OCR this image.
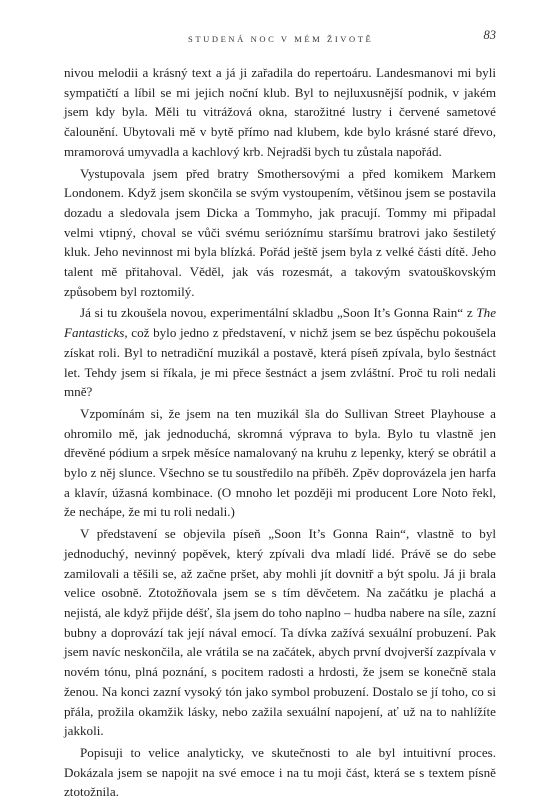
STUDENÁ NOC V MÉM ŽIVOTĚ	83

nivou melodii a krásný text a já ji zařadila do repertoáru. Landesmanovi mi byli sympatičtí a líbil se mi jejich noční klub. Byl to nejluxusnější podnik, v jakém jsem kdy byla. Měli tu vitrážová okna, starožitné lustry i červené sametové čalounění. Ubytovali mě v bytě přímo nad klubem, kde bylo krásné staré dřevo, mramorová umyvadla a kachlový krb. Nejradši bych tu zůstala napořád.

Vystupovala jsem před bratry Smothersovými a před komikem Markem Londonem. Když jsem skončila se svým vystoupením, většinou jsem se postavila dozadu a sledovala jsem Dicka a Tommyho, jak pracují. Tommy mi připadal velmi vtipný, choval se vůči svému serióznímu staršímu bratrovi jako šestiletý kluk. Jeho nevinnost mi byla blízká. Pořád ještě jsem byla z velké části dítě. Jeho talent mě přitahoval. Věděl, jak vás rozesmát, a takovým svatouškovským způsobem byl roztomilý.

Já si tu zkoušela novou, experimentální skladbu „Soon It’s Gonna Rain“ z The Fantasticks, což bylo jedno z představení, v nichž jsem se bez úspěchu pokoušela získat roli. Byl to netradiční muzikál a postavě, která píseň zpívala, bylo šestnáct let. Tehdy jsem si říkala, je mi přece šestnáct a jsem zvláštní. Proč tu roli nedali mně?

Vzpomínám si, že jsem na ten muzikál šla do Sullivan Street Playhouse a ohromilo mě, jak jednoduchá, skromná výprava to byla. Bylo tu vlastně jen dřevěné pódium a srpek měsíce namalovaný na kruhu z lepenky, který se obrátil a bylo z něj slunce. Všechno se tu soustředilo na příběh. Zpěv doprovázela jen harfa a klavír, úžasná kombinace. (O mnoho let později mi producent Lore Noto řekl, že nechápe, že mi tu roli nedali.)

V představení se objevila píseň „Soon It’s Gonna Rain“, vlastně to byl jednoduchý, nevinný popěvek, který zpívali dva mladí lidé. Právě se do sebe zamilovali a těšili se, až začne pršet, aby mohli jít dovnitř a být spolu. Já ji brala velice osobně. Ztotožňovala jsem se s tím děvčetem. Na začátku je plachá a nejistá, ale když přijde déšť, šla jsem do toho naplno – hudba nabere na síle, zazní bubny a doprovází tak její nával emocí. Ta dívka zažívá sexuální probuzení. Pak jsem navíc neskončila, ale vrátila se na začátek, abych první dvojverší zazpívala v novém tónu, plná poznání, s pocitem radosti a hrdosti, že jsem se konečně stala ženou. Na konci zazní vysoký tón jako symbol probuzení. Dostalo se jí toho, co si přála, prožila okamžik lásky, nebo zažila sexuální napojení, ať už na to nahlížíte jakkoli.

Popisuji to velice analyticky, ve skutečnosti to ale byl intuitivní proces. Dokázala jsem se napojit na své emoce i na tu moji část, která se s textem písně ztotožnila.
